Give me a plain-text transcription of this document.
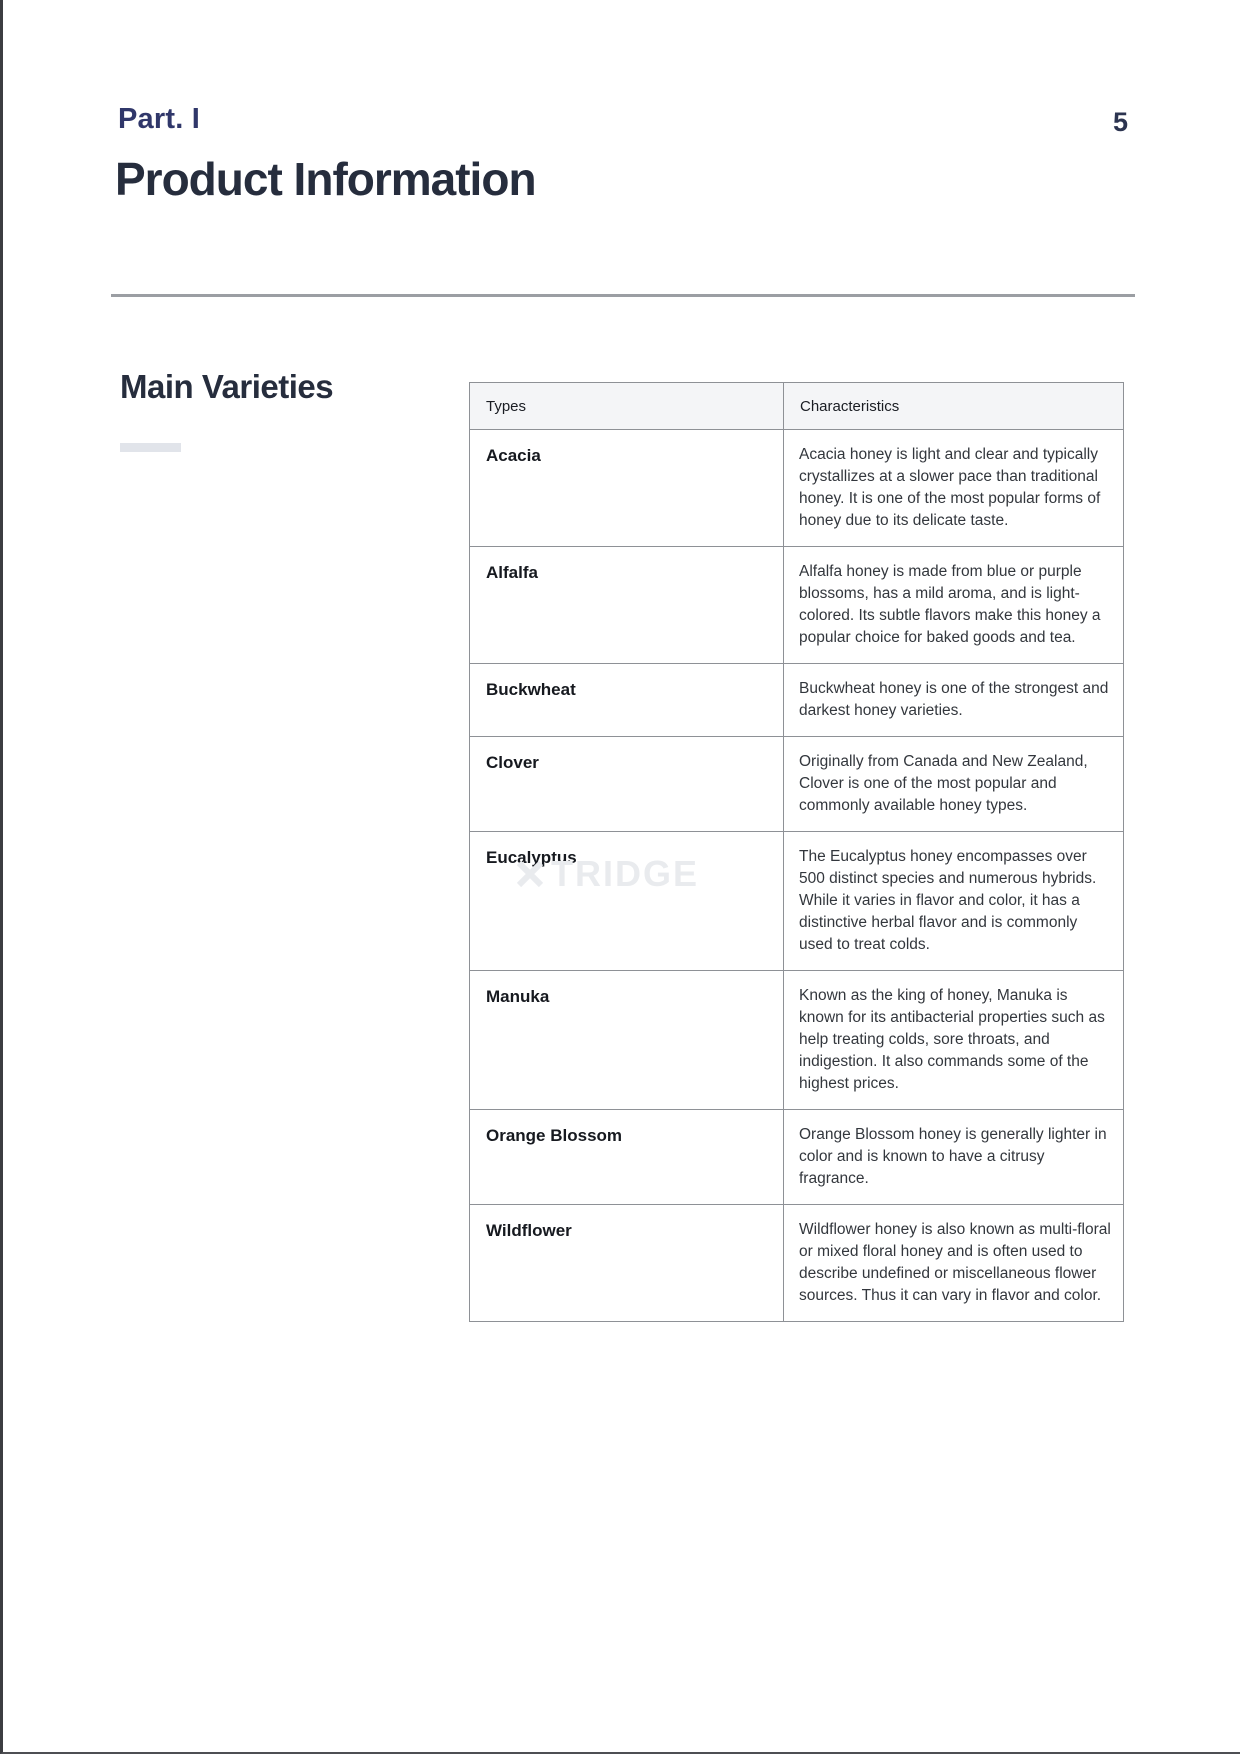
Part. I	5
Product Information
Main Varieties
Types	Characteristics
Acacia	Acacia honey is light and clear and typically crystallizes at a slower pace than traditional honey. It is one of the most popular forms of honey due to its delicate taste.
Alfalfa	Alfalfa honey is made from blue or purple blossoms, has a mild aroma, and is light-colored. Its subtle flavors make this honey a popular choice for baked goods and tea.
Buckwheat	Buckwheat honey is one of the strongest and darkest honey varieties.
Clover	Originally from Canada and New Zealand, Clover is one of the most popular and commonly available honey types.
Eucalyptus	The Eucalyptus honey encompasses over 500 distinct species and numerous hybrids. While it varies in flavor and color, it has a distinctive herbal flavor and is commonly used to treat colds.
Manuka	Known as the king of honey, Manuka is known for its antibacterial properties such as help treating colds, sore throats, and indigestion. It also commands some of the highest prices.
Orange Blossom	Orange Blossom honey is generally lighter in color and is known to have a citrusy fragrance.
Wildflower	Wildflower honey is also known as multi-floral or mixed floral honey and is often used to describe undefined or miscellaneous flower sources. Thus it can vary in flavor and color.
TRIDGE
